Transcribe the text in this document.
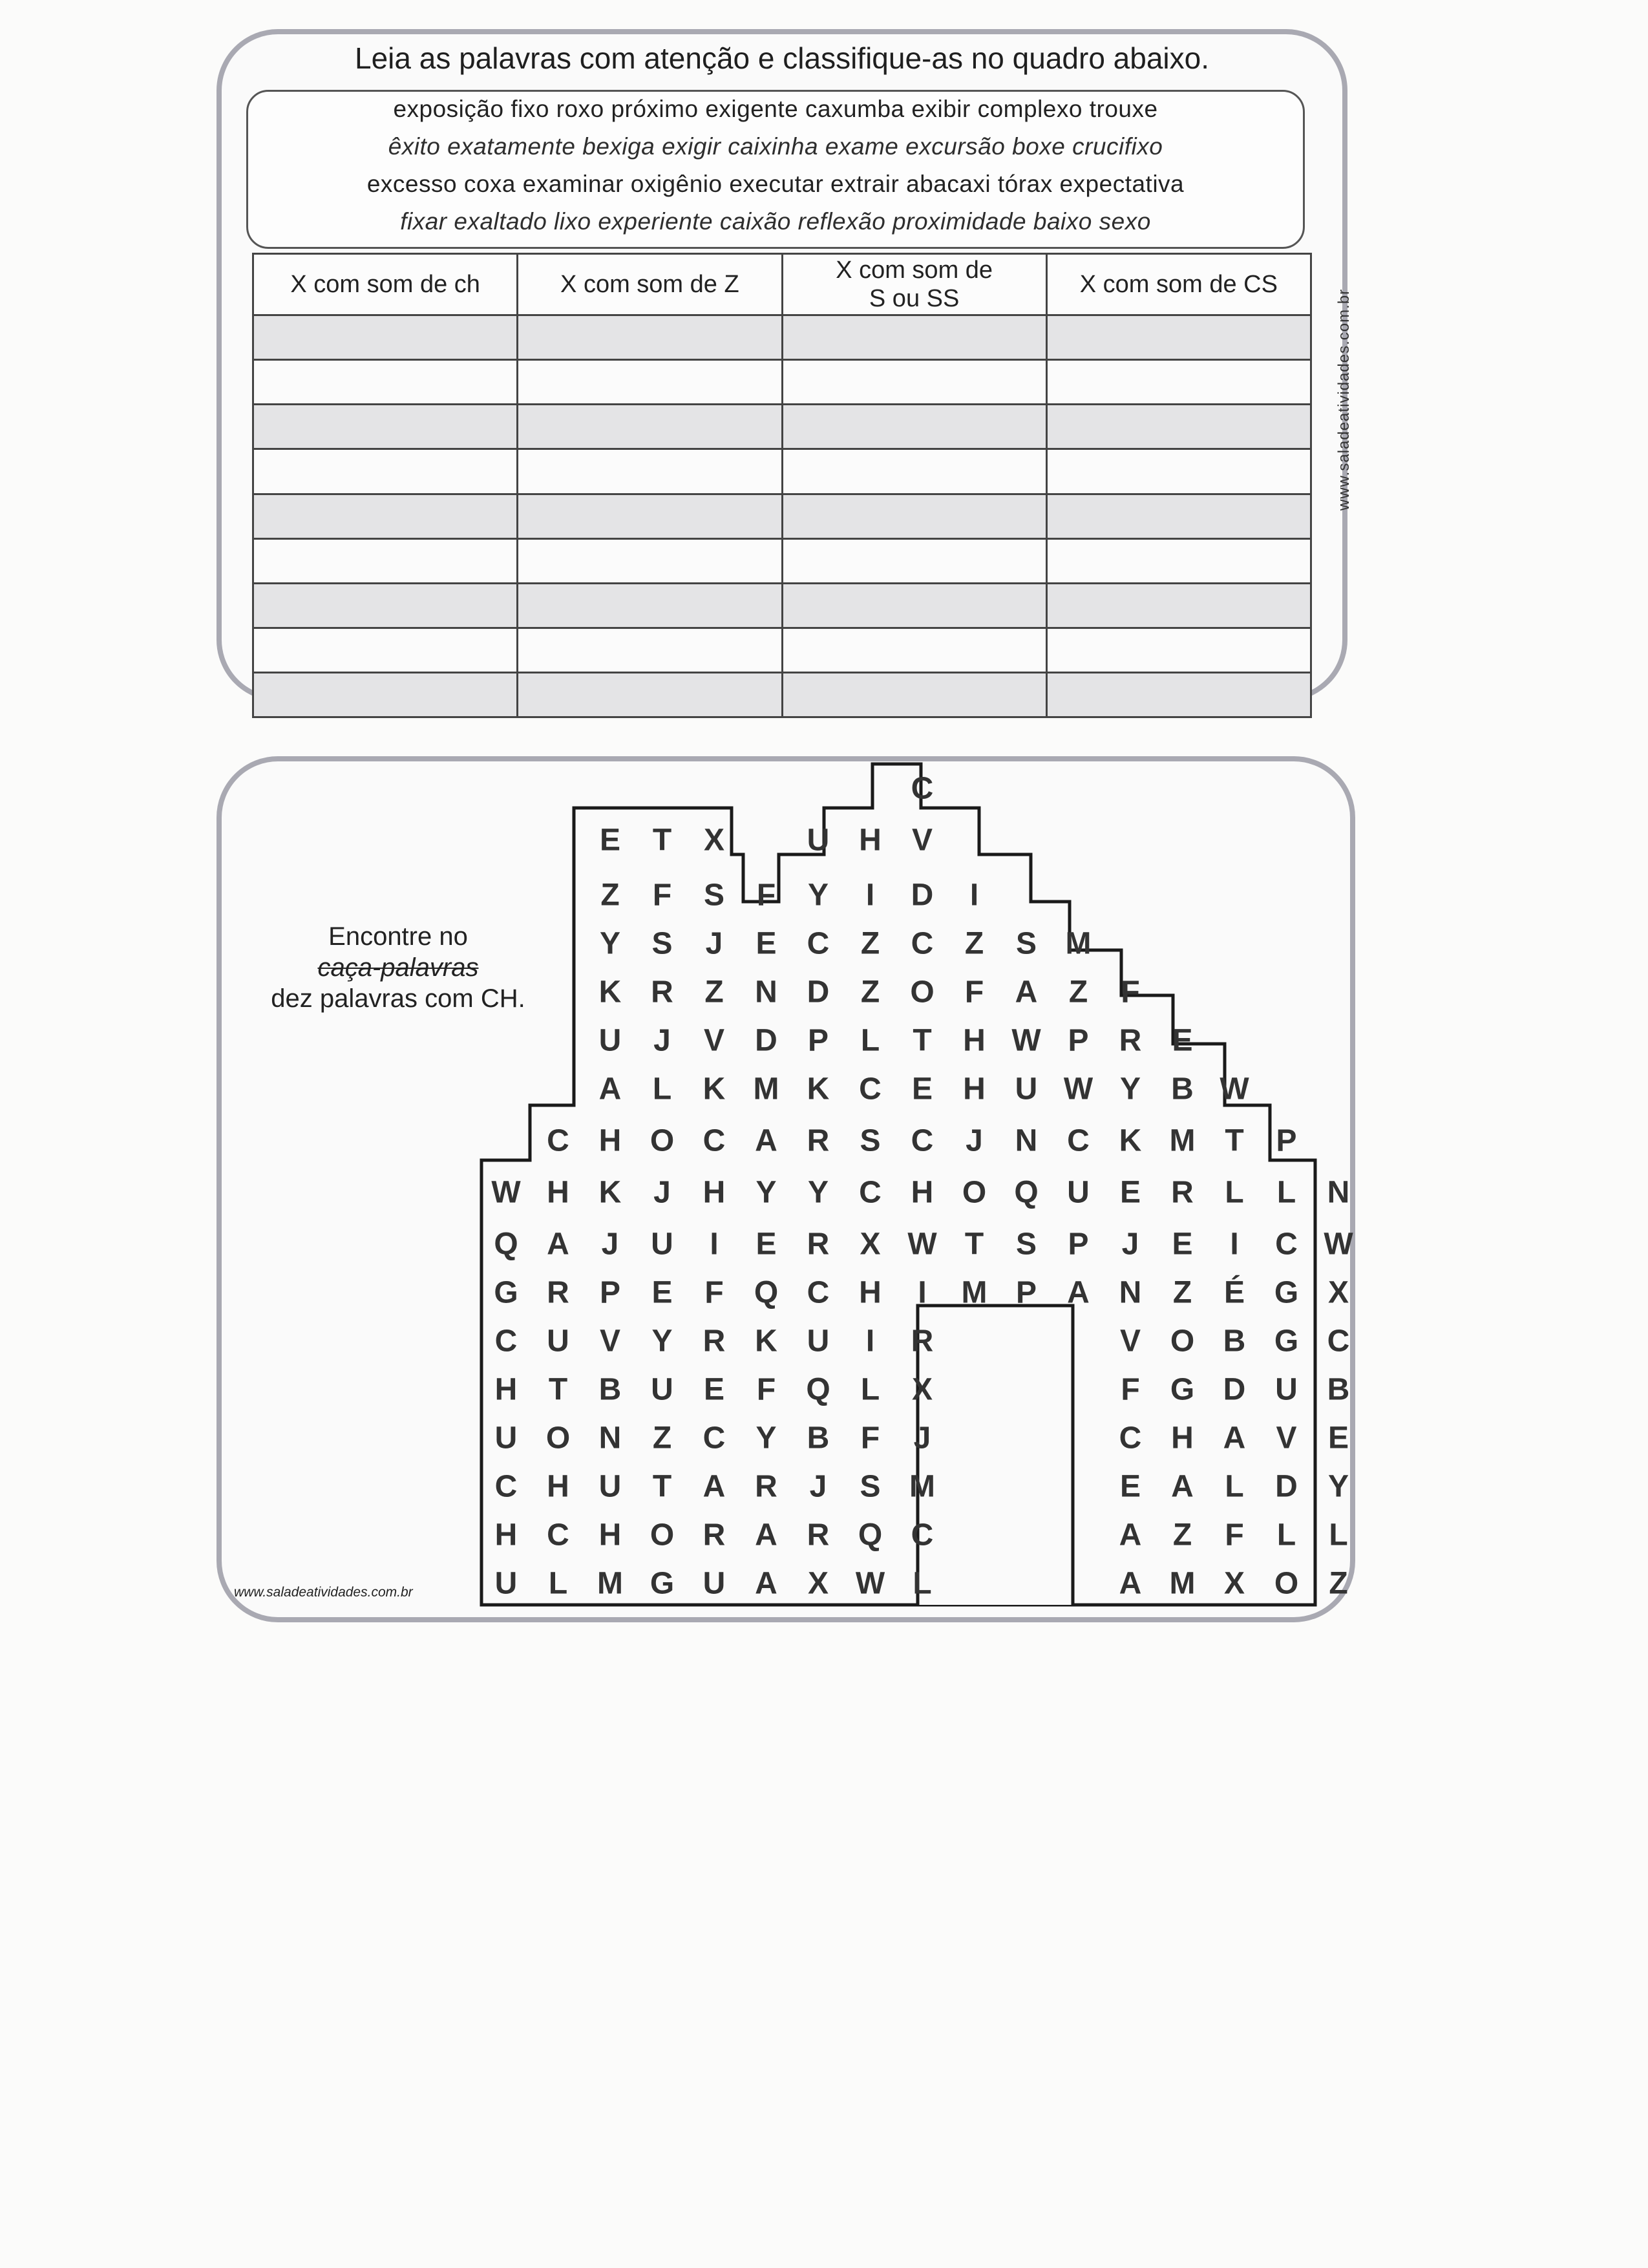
Leia as palavras com atenção e classifique-as no quadro abaixo.
exposição fixo roxo próximo exigente caxumba exibir complexo trouxe
êxito exatamente bexiga exigir caixinha exame excursão boxe crucifixo
excesso coxa examinar oxigênio executar extrair abacaxi tórax expectativa
fixar exaltado lixo experiente caixão reflexão proximidade baixo sexo
X com som de ch	X com som de Z	X com som de
S ou SS	X com som de CS

www.saladeatividades.com.br
Encontre no
caça-palavras
dez palavras com CH.
www.saladeatividades.com.br
C
E T X	U H V
Z F S F Y I D I
Y S J E C Z C Z S M
K R Z N D Z O F A Z F
U J V D P L T H W P R E
A L K M K C E H U W Y B W
C H O C A R S C J N C K M T P
W H K J H Y Y C H O Q U E R L L N
Q A J U I E R X W T S P J E I C W
G R P E F Q C H I M P A N Z É G X
C U V Y R K U I R	V O B G C
H T B U E F Q L X	F G D U B
U O N Z C Y B F J	C H A V E
C H U T A R J S M	E A L D Y
H C H O R A R Q C	A Z F L L
U L M G U A X W L	A M X O Z
